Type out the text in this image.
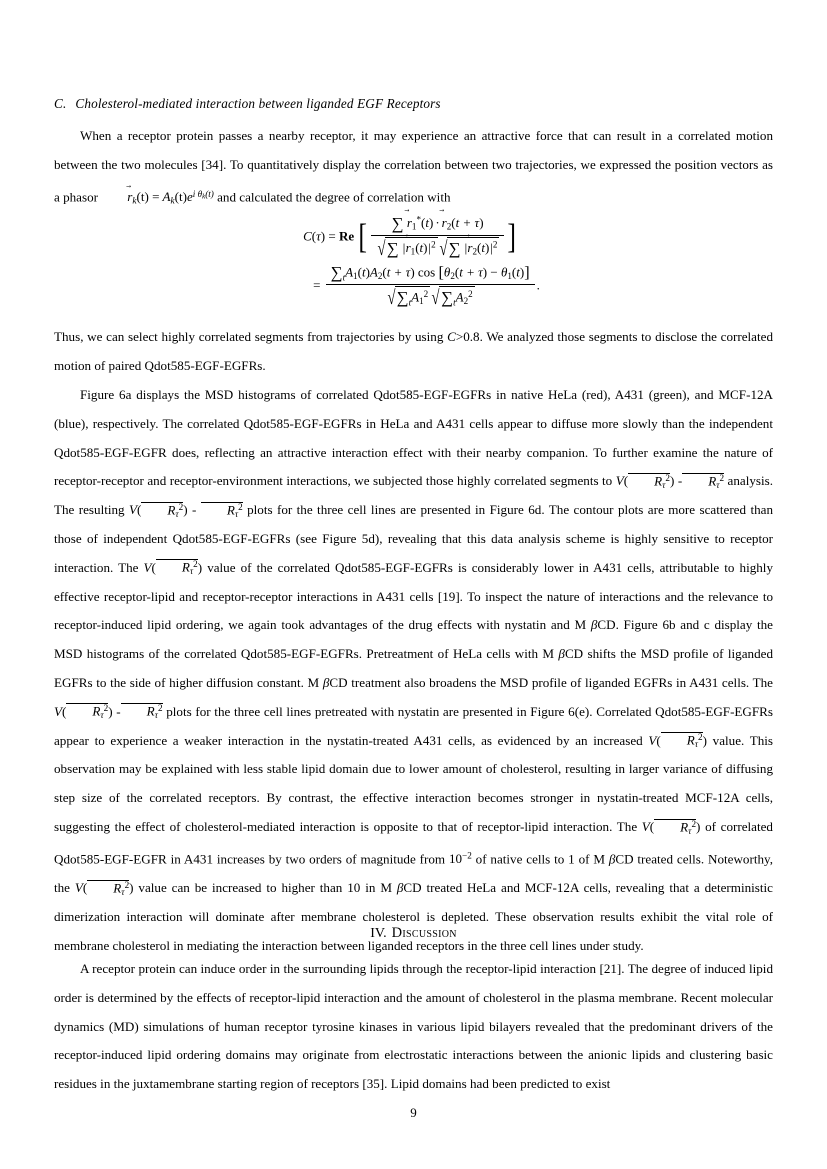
C. Cholesterol-mediated interaction between liganded EGF Receptors

When a receptor protein passes a nearby receptor, it may experience an attractive force that can result in a correlated motion between the two molecules [34]. To quantitatively display the correlation between two trajectories, we expressed the position vectors as a phasor
$r_k(t) = A_k(t)e^{i \theta k(t)}$ and calculated the degree of correlation with

C(τ) = Re [ ∑ $r_1^*(t) \cdot r_2(t + \tau)$
√∑ |
$r_1(t)|^2$ √∑ |
$r_2(t)|^2$ ]
= $\frac{\sum_tA_1(t)A_2(t + \tau) \cos [\theta_2(t + \tau) - \theta_1(t)]}{√\sum_tA_1^2 √\sum_tA_2^2}$ .

Thus, we can select highly correlated segments from trajectories by using C>0.8. We analyzed those segments to disclose the correlated motion of paired Qdot585-EGF-EGFRs.

Figure 6a displays the MSD histograms of correlated Qdot585-EGF-EGFRs in native HeLa (red), A431 (green), and MCF-12A (blue), respectively. The correlated Qdot585-EGF-EGFRs in HeLa and A431 cells appear to diffuse more slowly than the independent Qdot585-EGF-EGFR does, reflecting an attractive interaction effect with their nearby companion. To further examine the nature of receptor-receptor and receptor-environment interactions, we subjected those highly correlated segments to V( $R_\tau^2) - R_\tau^2$ analysis. The resulting V( $R_\tau^2) - R_\tau^2$ plots for the three cell lines are presented in Figure 6d. The contour plots are more scattered than those of independent Qdot585-EGF-EGFRs (see Figure 5d), revealing that this data analysis scheme is highly sensitive to receptor interaction. The V( $R_\tau^2$) value of the correlated Qdot585-EGF-EGFRs is considerably lower in A431 cells, attributable to highly effective receptor-lipid and receptor-receptor interactions in A431 cells [19]. To inspect the nature of interactions and the relevance to receptor-induced lipid ordering, we again took advantages of the drug effects with nystatin and M βCD. Figure 6b and c display the MSD histograms of the correlated Qdot585-EGF-EGFRs. Pretreatment of HeLa cells with M βCD shifts the MSD profile of liganded EGFRs to the side of higher diffusion constant. M βCD treatment also broadens the MSD profile of liganded EGFRs in A431 cells. The V( $R_\tau^2) - R_\tau^2$ plots for the three cell lines pretreated with nystatin are presented in Figure 6(e). Correlated Qdot585-EGF-EGFRs appear to experience a weaker interaction in the nystatin-treated A431 cells, as evidenced by an increased V( $R_\tau^2$) value. This observation may be explained with less stable lipid domain due to lower amount of cholesterol, resulting in larger variance of diffusing step size of the correlated receptors. By contrast, the effective interaction becomes stronger in nystatin-treated MCF-12A cells, suggesting the effect of cholesterol-mediated interaction is opposite to that of receptor-lipid interaction. The V( $R_\tau^2$) of correlated Qdot585-EGF-EGFR in A431 increases by two orders of magnitude from $10^{-2}$ of native cells to 1 of M βCD treated cells. Noteworthy, the V( $R_\tau^2$) value can be increased to higher than 10 in M βCD treated HeLa and MCF-12A cells, revealing that a deterministic dimerization interaction will dominate after membrane cholesterol is depleted. These observation results exhibit the vital role of membrane cholesterol in mediating the interaction between liganded receptors in the three cell lines under study.

IV. Discussion

A receptor protein can induce order in the surrounding lipids through the receptor-lipid interaction [21]. The degree of induced lipid order is determined by the effects of receptor-lipid interaction and the amount of cholesterol in the plasma membrane. Recent molecular dynamics (MD) simulations of human receptor tyrosine kinases in various lipid bilayers revealed that the predominant drivers of the receptor-induced lipid ordering domains may originate from electrostatic interactions between the anionic lipids and clustering basic residues in the juxtamembrane starting region of receptors [35]. Lipid domains had been predicted to exist

9
